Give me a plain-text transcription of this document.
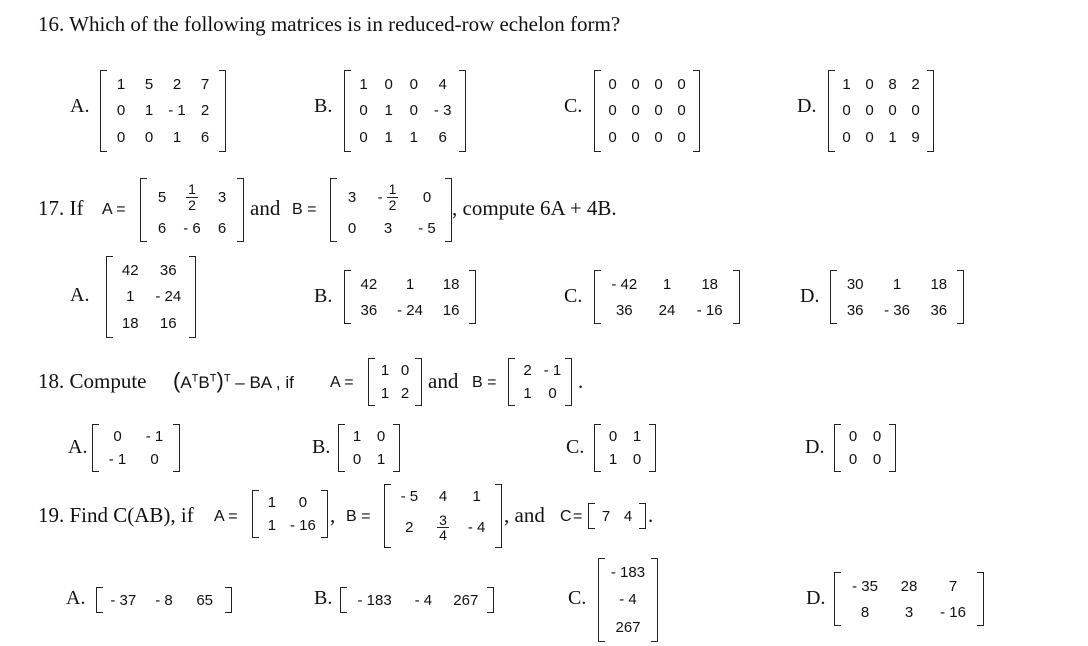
16. Which of the following matrices is in reduced-row echelon form?
A.
1	5	2	7
0	1	- 1	2
0	0	1	6
B.
1	0	0	4
0	1	0	- 3
0	1	1	6
C.
0 0 0 0
0 0 0 0
0 0 0 0
D.
1 0 8 2
0 0 0 0
0 0 1 9
17. If A =
5	$\frac{1}{2}$	3
6	- 6	6
and B =
3	- $\frac{1}{2}$	0
0	3	- 5
, compute 6A + 4B.
A.
42	36
1	- 24
18	16
B.
42	1	18
36	- 24	16
C.
- 42	1	18
36	24	- 16
D.
30	1	18
36	- 36	36
18. Compute $(A^TB^T)^T$ – BA , if A =
1 0
1 2
and B =
2 - 1
1	0
.
A.	0	- 1
- 1	0
B.	1	0
0	1
C.	0	1
1	0
D.	0	0
0	0
19. Find C(AB), if A =
1	0
1 - 16 , B =
- 5	4	1
2	$\frac{3}{4}$	- 4
, and C =	7 4 .
A.	- 37	- 8	65	B.	- 183	- 4	267	C.
- 183
- 4
267
D.
- 35	28	7
8	3	- 16
